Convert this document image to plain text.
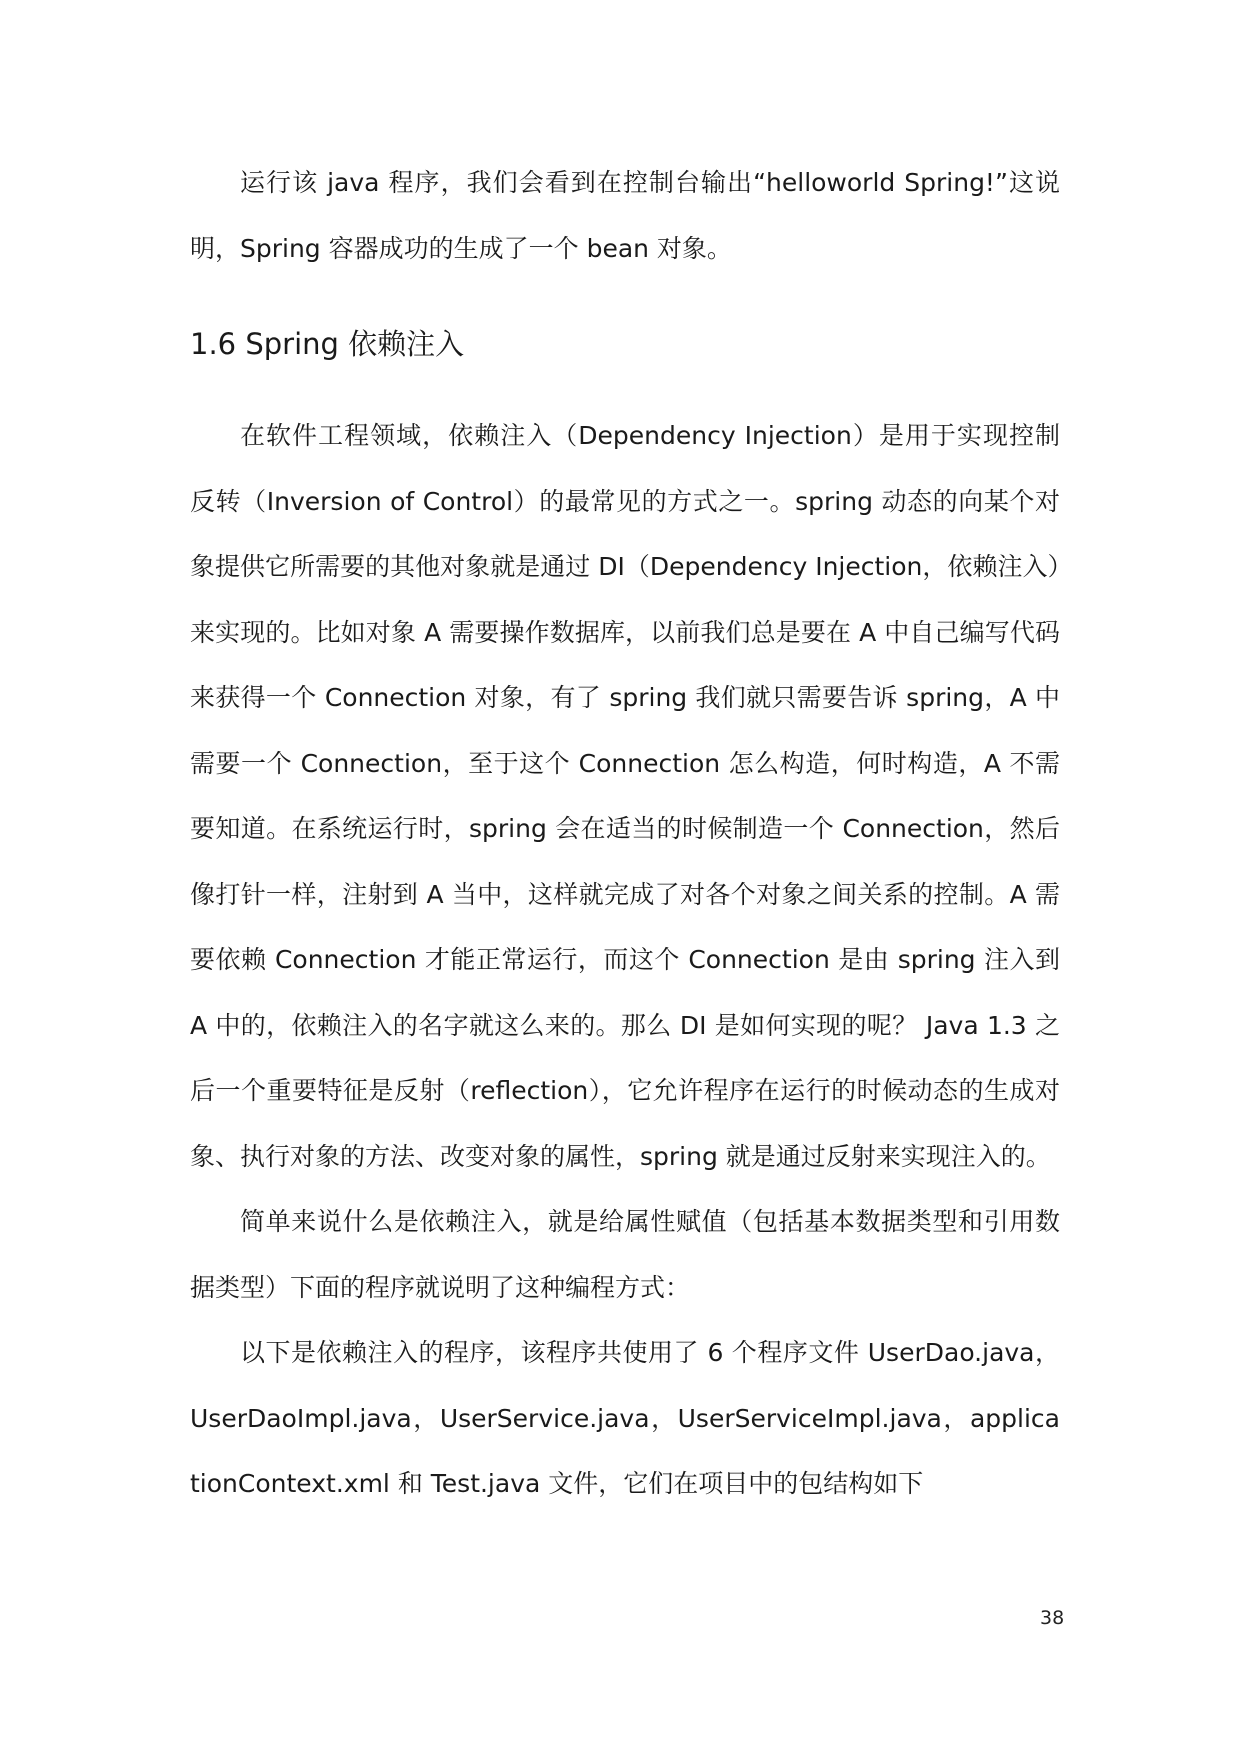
运行该 java 程序，我们会看到在控制台输出“helloworld Spring!”这说明，Spring 容器成功的生成了一个 bean 对象。

1.6 Spring 依赖注入

在软件工程领域，依赖注入（Dependency Injection）是用于实现控制反转（Inversion of Control）的最常见的方式之一。spring 动态的向某个对象提供它所需要的其他对象就是通过 DI（Dependency Injection，依赖注入）来实现的。比如对象 A 需要操作数据库，以前我们总是要在 A 中自己编写代码来获得一个 Connection 对象，有了 spring 我们就只需要告诉 spring，A 中需要一个 Connection，至于这个 Connection 怎么构造，何时构造，A 不需要知道。在系统运行时，spring 会在适当的时候制造一个 Connection，然后像打针一样，注射到 A 当中，这样就完成了对各个对象之间关系的控制。A 需要依赖 Connection 才能正常运行，而这个 Connection 是由 spring 注入到 A 中的，依赖注入的名字就这么来的。那么 DI 是如何实现的呢？ Java 1.3 之后一个重要特征是反射（reflection），它允许程序在运行的时候动态的生成对象、执行对象的方法、改变对象的属性，spring 就是通过反射来实现注入的。

简单来说什么是依赖注入，就是给属性赋值（包括基本数据类型和引用数据类型）下面的程序就说明了这种编程方式：

以下是依赖注入的程序，该程序共使用了 6 个程序文件 UserDao.java，UserDaoImpl.java，UserService.java，UserServiceImpl.java，applicationContext.xml 和 Test.java 文件，它们在项目中的包结构如下

38
